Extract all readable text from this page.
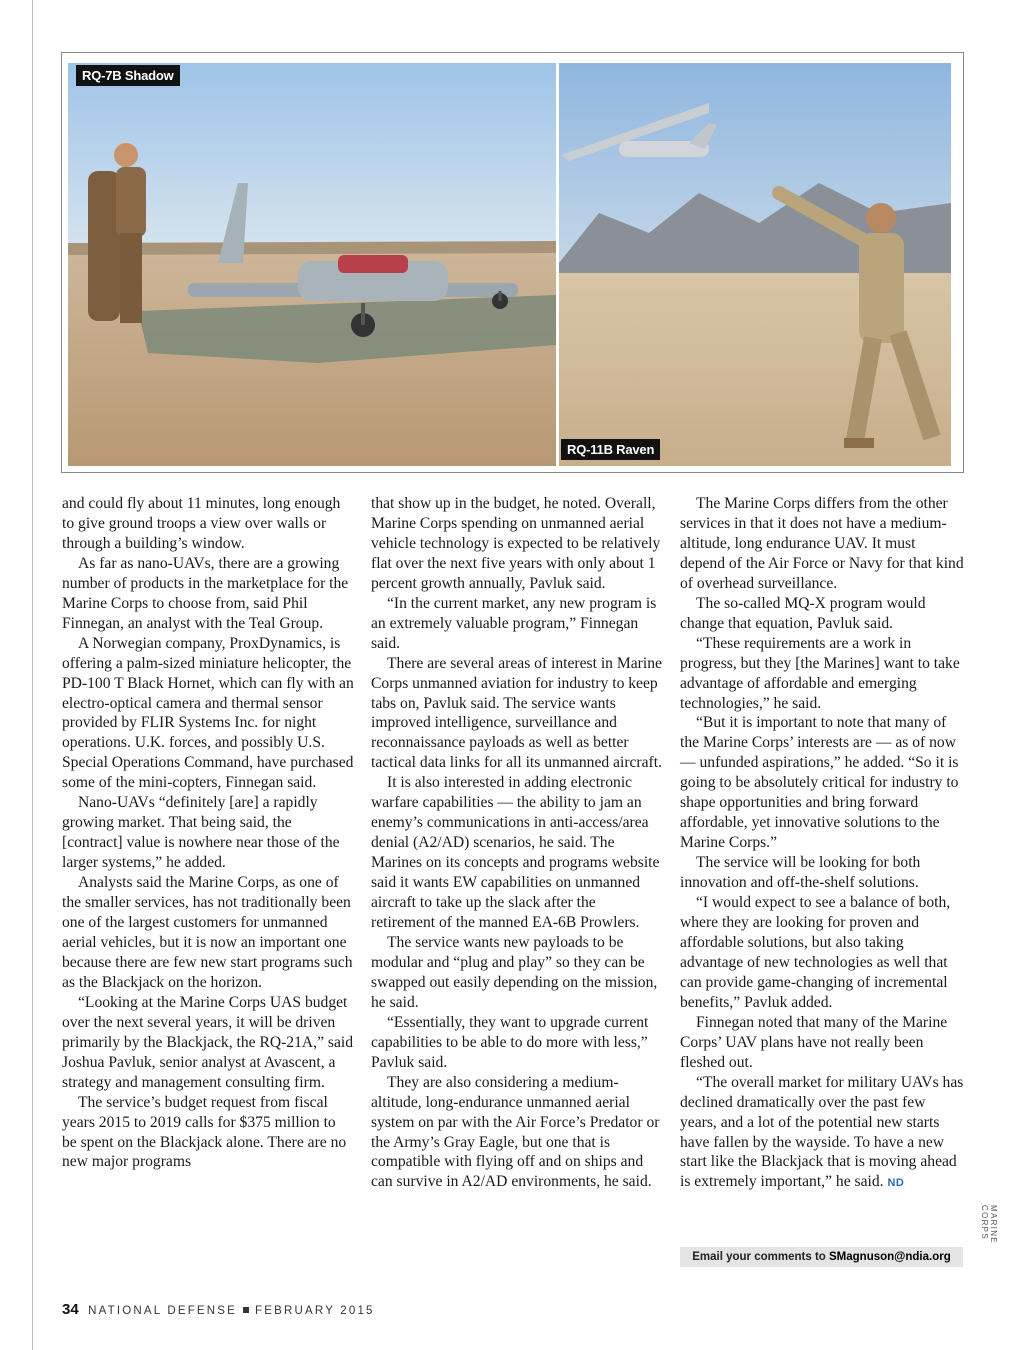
RQ-7B Shadow
RQ-11B Raven

and could fly about 11 minutes, long enough to give ground troops a view over walls or through a building’s window.

As far as nano-UAVs, there are a growing number of products in the marketplace for the Marine Corps to choose from, said Phil Finnegan, an analyst with the Teal Group.

A Norwegian company, ProxDynamics, is offering a palm-sized miniature helicopter, the PD-100 T Black Hornet, which can fly with an electro-optical camera and thermal sensor provided by FLIR Systems Inc. for night operations. U.K. forces, and possibly U.S. Special Operations Command, have purchased some of the mini-copters, Finnegan said.

Nano-UAVs “definitely [are] a rapidly growing market. That being said, the [contract] value is nowhere near those of the larger systems,” he added.

Analysts said the Marine Corps, as one of the smaller services, has not traditionally been one of the largest customers for unmanned aerial vehicles, but it is now an important one because there are few new start programs such as the Blackjack on the horizon.

“Looking at the Marine Corps UAS budget over the next several years, it will be driven primarily by the Blackjack, the RQ-21A,” said Joshua Pavluk, senior analyst at Avascent, a strategy and management consulting firm.

The service’s budget request from fiscal years 2015 to 2019 calls for $375 million to be spent on the Blackjack alone. There are no new major programs

that show up in the budget, he noted. Overall, Marine Corps spending on unmanned aerial vehicle technology is expected to be relatively flat over the next five years with only about 1 percent growth annually, Pavluk said.

“In the current market, any new program is an extremely valuable program,” Finnegan said.

There are several areas of interest in Marine Corps unmanned aviation for industry to keep tabs on, Pavluk said. The service wants improved intelligence, surveillance and reconnaissance payloads as well as better tactical data links for all its unmanned aircraft.

It is also interested in adding electronic warfare capabilities — the ability to jam an enemy’s communications in anti-access/area denial (A2/AD) scenarios, he said. The Marines on its concepts and programs website said it wants EW capabilities on unmanned aircraft to take up the slack after the retirement of the manned EA-6B Prowlers.

The service wants new payloads to be modular and “plug and play” so they can be swapped out easily depending on the mission, he said.

“Essentially, they want to upgrade current capabilities to be able to do more with less,” Pavluk said.

They are also considering a medium-altitude, long-endurance unmanned aerial system on par with the Air Force’s Predator or the Army’s Gray Eagle, but one that is compatible with flying off and on ships and can survive in A2/AD environments, he said.

The Marine Corps differs from the other services in that it does not have a medium-altitude, long endurance UAV. It must depend of the Air Force or Navy for that kind of overhead surveillance.

The so-called MQ-X program would change that equation, Pavluk said.

“These requirements are a work in progress, but they [the Marines] want to take advantage of affordable and emerging technologies,” he said.

“But it is important to note that many of the Marine Corps’ interests are — as of now — unfunded aspirations,” he added. “So it is going to be absolutely critical for industry to shape opportunities and bring forward affordable, yet innovative solutions to the Marine Corps.”

The service will be looking for both innovation and off-the-shelf solutions.

“I would expect to see a balance of both, where they are looking for proven and affordable solutions, but also taking advantage of new technologies as well that can provide game-changing of incremental benefits,” Pavluk added.

Finnegan noted that many of the Marine Corps’ UAV plans have not really been fleshed out.

“The overall market for military UAVs has declined dramatically over the past few years, and a lot of the potential new starts have fallen by the wayside. To have a new start like the Blackjack that is moving ahead is extremely important,” he said. ND

Email your comments to SMagnuson@ndia.org
MARINE CORPS
34 NATIONAL DEFENSE FEBRUARY 2015
